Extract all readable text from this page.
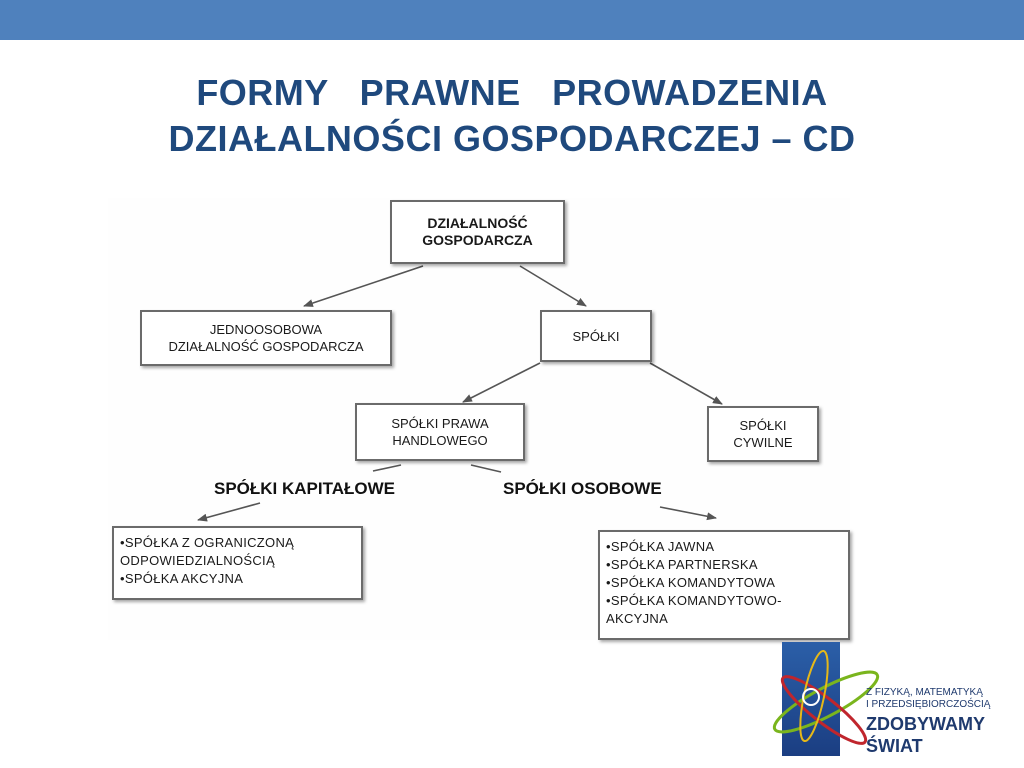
FORMY   PRAWNE   PROWADZENIA
DZIAŁALNOŚCI GOSPODARCZEJ – CD
DZIAŁALNOŚĆ
GOSPODARCZA
JEDNOOSOBOWA
DZIAŁALNOŚĆ GOSPODARCZA
SPÓŁKI
SPÓŁKI PRAWA
HANDLOWEGO
SPÓŁKI
CYWILNE
SPÓŁKI KAPITAŁOWE	SPÓŁKI OSOBOWE
•SPÓŁKA Z OGRANICZONĄ
ODPOWIEDZIALNOŚCIĄ
•SPÓŁKA AKCYJNA
•SPÓŁKA JAWNA
•SPÓŁKA PARTNERSKA
•SPÓŁKA KOMANDYTOWA
•SPÓŁKA KOMANDYTOWO-
AKCYJNA
Z FIZYKĄ, MATEMATYKĄ
I PRZEDSIĘBIORCZOŚCIĄ
ZDOBYWAMY
ŚWIAT
